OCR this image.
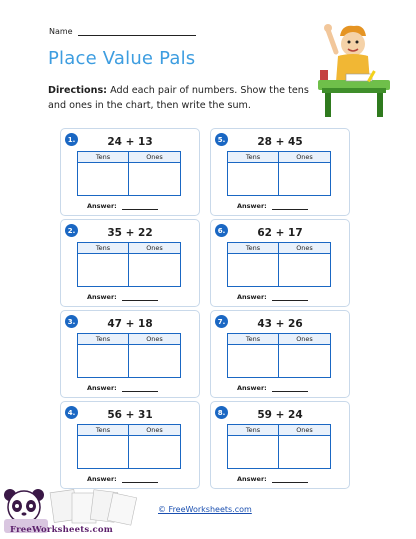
Name
Place Value Pals
Directions: Add each pair of numbers. Show the tens and ones in the chart, then write the sum.
1.	24 + 13
Tens	Ones
Answer:
2.	35 + 22
Tens	Ones
Answer:
3.	47 + 18
Tens	Ones
Answer:
4.	56 + 31
Tens	Ones
Answer:
5.	28 + 45
Tens	Ones
Answer:
6.	62 + 17
Tens	Ones
Answer:
7.	43 + 26
Tens	Ones
Answer:
8.	59 + 24
Tens	Ones
Answer:
FreeWorksheets.com
© FreeWorksheets.com
